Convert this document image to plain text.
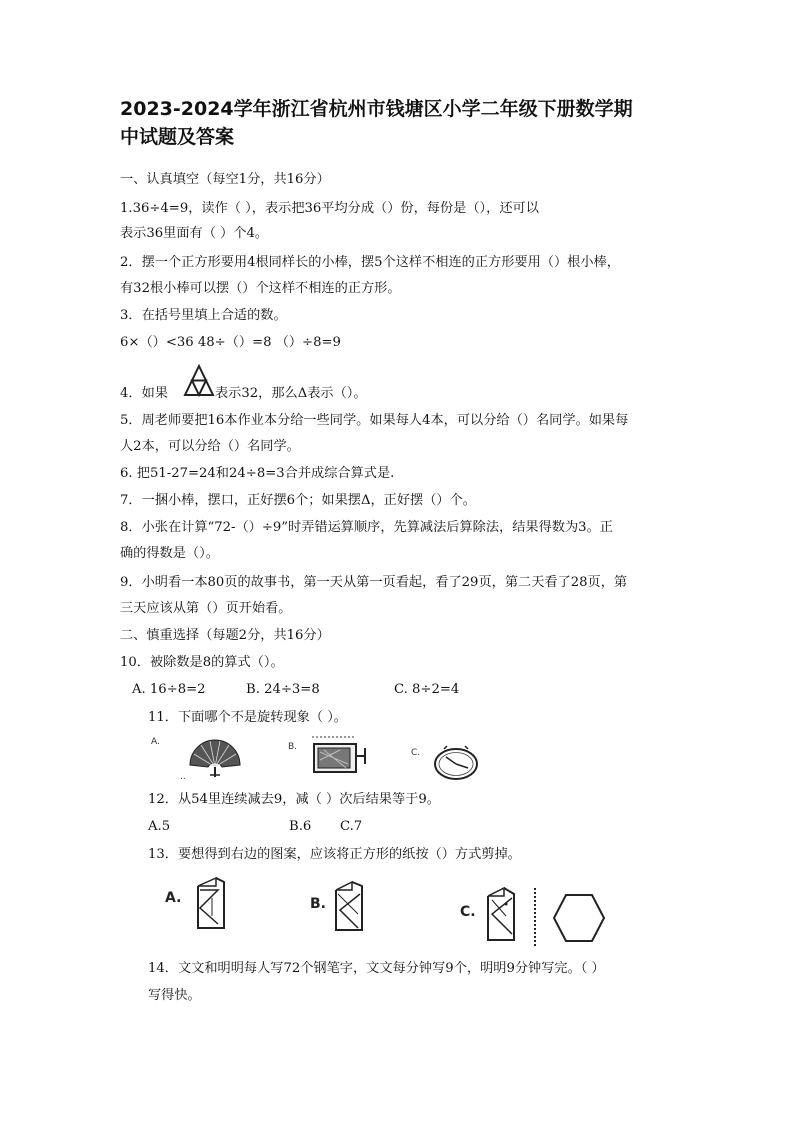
2023-2024学年浙江省杭州市钱塘区小学二年级下册数学期
中试题及答案
一、认真填空（每空1分，共16分）
1.36÷4=9，读作（ ），表示把36平均分成（）份，每份是（），还可以
表示36里面有（ ）个4。
2．摆一个正方形要用4根同样长的小棒，摆5个这样不相连的正方形要用（）根小棒，
有32根小棒可以摆（）个这样不相连的正方形。
3．在括号里填上合适的数。
6×（）<36 48÷（）=8 （）÷8=9
4．如果	表示32，那么Δ表示（）。
5．周老师要把16本作业本分给一些同学。如果每人4本，可以分给（）名同学。如果每
人2本，可以分给（）名同学。
6. 把51-27=24和24÷8=3合并成综合算式是.
7．一捆小棒，摆口，正好摆6个；如果摆Δ，正好摆（）个。
8．小张在计算“72-（）÷9”时弄错运算顺序，先算减法后算除法，结果得数为3。正
确的得数是（）。
9．小明看一本80页的故事书，第一天从第一页看起，看了29页，第二天看了28页，第
三天应该从第（）页开始看。
二、慎重选择（每题2分，共16分）
10．被除数是8的算式（）。
A. 16÷8=2	B. 24÷3=8	C. 8÷2=4
11．下面哪个不是旋转现象（ ）。
A.
..
B.
C.
12．从54里连续减去9，减（ ）次后结果等于9。
A.5	B.6 C.7
13．要想得到右边的图案，应该将正方形的纸按（）方式剪掉。
A.	B.	C.
14．文文和明明每人写72个钢笔字，文文每分钟写9个，明明9分钟写完。（ ）
写得快。
